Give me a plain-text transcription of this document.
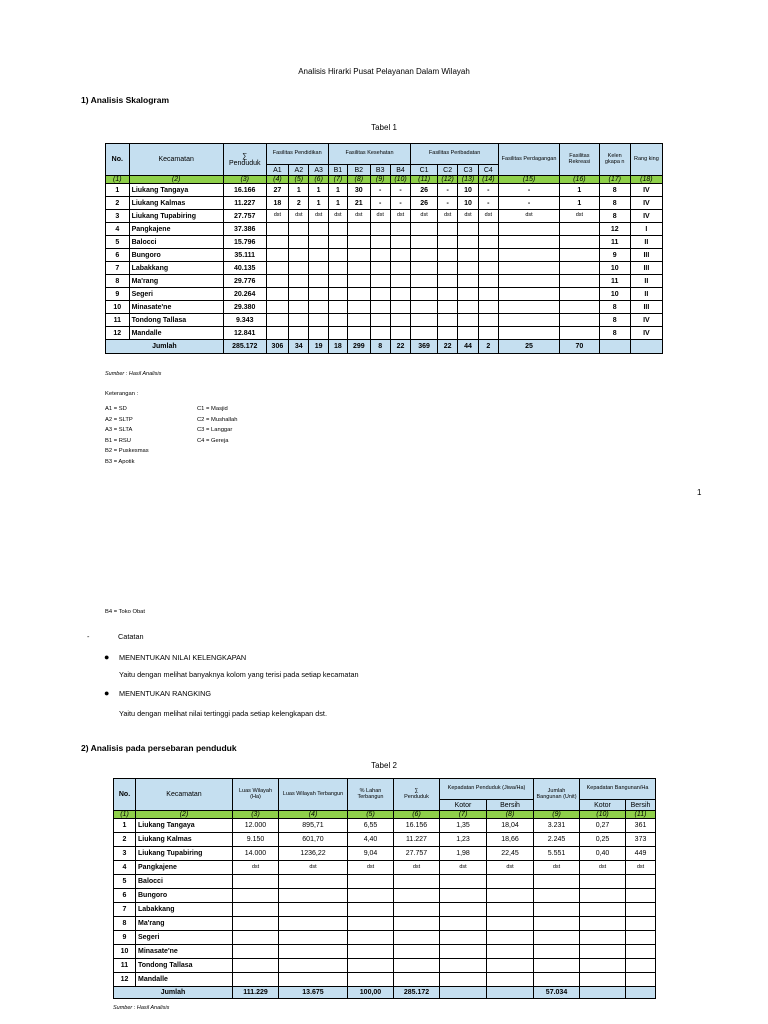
Analisis Hirarki Pusat Pelayanan Dalam Wilayah
1) Analisis Skalogram
Tabel 1
No.	Kecamatan	∑
Penduduk	Fasilitas Pendidikan			Fasilitas Kesehatan				Fasilitas Peribadatan				Fasilitas Perdagangan	Fasilitas Rekreasi	Kelen gkapa n	Rang king
			A1	A2	A3	B1	B2	B3	B4	C1	C2	C3	C4				
(1)	(2)	(3)	(4)	(5)	(6)	(7)	(8)	(9)	(10)	(11)	(12)	(13)	(14)	(15)	(16)	(17)	(18)
1	Liukang Tangaya	16.166	27	1	1	1	30	-	-	26	-	10	-	-	1	8	IV
2	Liukang Kalmas	11.227	18	2	1	1	21	-	-	26	-	10	-	-	1	8	IV
3	Liukang Tupabiring	27.757	dst	dst	dst	dst	dst	dst	dst	dst	dst	dst	dst	dst	dst	8	IV
4	Pangkajene	37.386														12	I
5	Balocci	15.796														11	II
6	Bungoro	35.111														9	III
7	Labakkang	40.135														10	III
8	Ma'rang	29.776														11	II
9	Segeri	20.264														10	II
10	Minasate'ne	29.380														8	III
11	Tondong Tallasa	9.343														8	IV
12	Mandalle	12.841														8	IV
Jumlah		285.172	306	34	19	18	299	8	22	369	22	44	2	25	70		
Sumber : Hasil Analisis
Keterangan :
A1 = SD
A2 = SLTP
A3 = SLTA
B1 = RSU
B2 = Puskesmas
B3 = Apotik
C1 = Masjid
C2 = Mushallah
C3 = Langgar
C4 = Gereja
1
B4 = Toko Obat
-	Catatan
● MENENTUKAN NILAI KELENGKAPAN
Yaitu dengan melihat banyaknya kolom yang terisi pada setiap kecamatan
● MENENTUKAN RANGKING
Yaitu dengan melihat nilai tertinggi pada setiap kelengkapan dst.
2) Analisis pada persebaran penduduk
Tabel 2
No.	Kecamatan	Luas Wilayah (Ha)	Luas Wilayah Terbangun	% Lahan Terbangun	∑
Penduduk	Kepadatan Penduduk (Jiwa/Ha)		Jumlah Bangunan (Unit)	Kepadatan Bangunan/Ha	
						Kotor	Bersih		Kotor	Bersih
(1)	(2)	(3)	(4)	(5)	(6)	(7)	(8)	(9)	(10)	(11)
1	Liukang Tangaya	12.000	895,71	6,55	16.156	1,35	18,04	3.231	0,27	361
2	Liukang Kalmas	9.150	601,70	4,40	11.227	1,23	18,66	2.245	0,25	373
3	Liukang Tupabiring	14.000	1236,22	9,04	27.757	1,98	22,45	5.551	0,40	449
4	Pangkajene	dst	dst	dst	dst	dst	dst	dst	dst	dst
5	Balocci									
6	Bungoro									
7	Labakkang									
8	Ma'rang									
9	Segeri									
10	Minasate'ne									
11	Tondong Tallasa									
12	Mandalle									
Jumlah		111.229	13.675	100,00	285.172			57.034		
Sumber : Hasil Analisis
